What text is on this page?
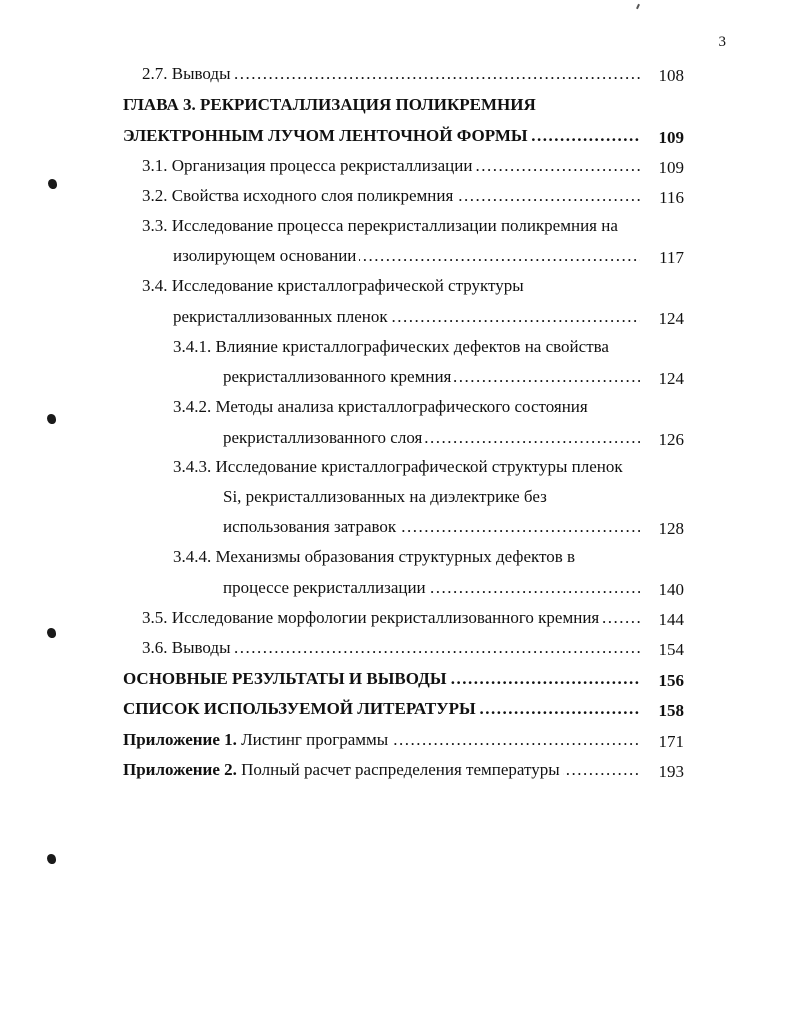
3
2.7. Выводы .....	108
ГЛАВА 3. РЕКРИСТАЛЛИЗАЦИЯ ПОЛИКРЕМНИЯ
ЭЛЕКТРОННЫМ ЛУЧОМ ЛЕНТОЧНОЙ ФОРМЫ .....	109
3.1. Организация процесса рекристаллизации .....	109
3.2. Свойства исходного слоя поликремния .....	116
3.3. Исследование процесса перекристаллизации поликремния на
изолирующем основании .....	117
3.4. Исследование кристаллографической структуры
рекристаллизованных пленок .....	124
3.4.1. Влияние кристаллографических дефектов на свойства
рекристаллизованного кремния .....	124
3.4.2. Методы анализа кристаллографического состояния
рекристаллизованного слоя .....	126
3.4.3. Исследование кристаллографической структуры пленок
Si, рекристаллизованных на диэлектрике без
использования затравок .....	128
3.4.4. Механизмы образования структурных дефектов в
процессе рекристаллизации .....	140
3.5. Исследование морфологии рекристаллизованного кремния .....	144
3.6. Выводы .....	154
ОСНОВНЫЕ РЕЗУЛЬТАТЫ И ВЫВОДЫ .....	156
СПИСОК ИСПОЛЬЗУЕМОЙ ЛИТЕРАТУРЫ .....	158
Приложение 1. Листинг программы .....	171
Приложение 2. Полный расчет распределения температуры .....	193
